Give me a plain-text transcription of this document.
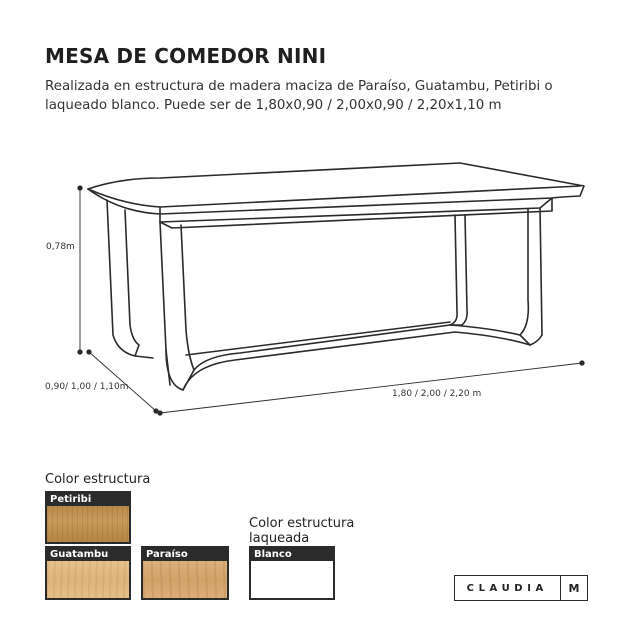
MESA DE COMEDOR NINI
Realizada en estructura de madera maciza de Paraíso, Guatambu, Petiribi o laqueado blanco. Puede ser de 1,80x0,90 / 2,00x0,90 / 2,20x1,10 m
0,78m
0,90/ 1,00 / 1,10m
1,80 / 2,00 / 2,20 m
Color estructura
Color estructura laqueada
Petiribi
Guatambu	Paraíso	Blanco
CLAUDIA	M
